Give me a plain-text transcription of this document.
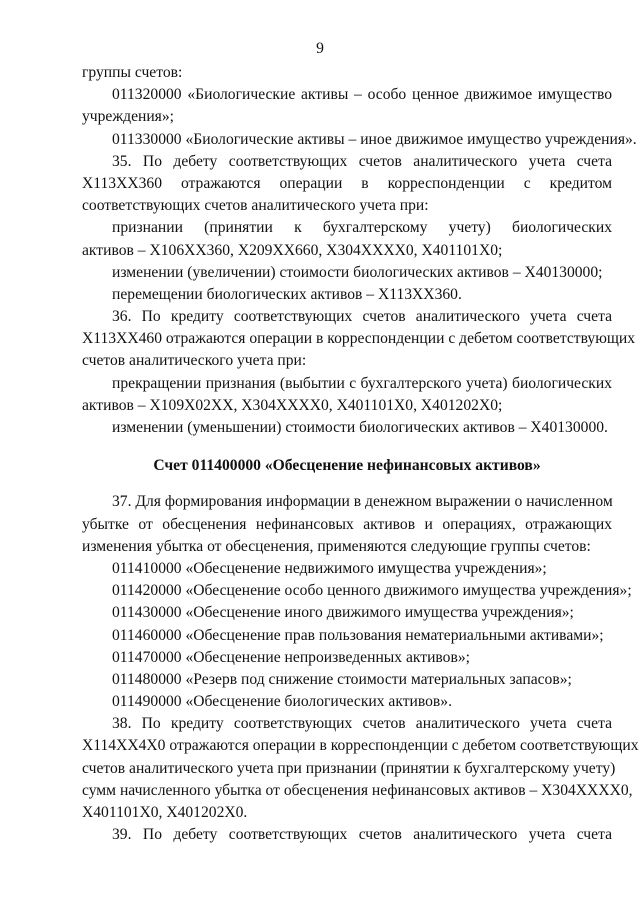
9
группы счетов:
011320000 «Биологические активы – особо ценное движимое имущество
учреждения»;
011330000 «Биологические активы – иное движимое имущество учреждения».
35. По дебету соответствующих счетов аналитического учета счета
Х113ХХ360 отражаются операции в корреспонденции с кредитом
соответствующих счетов аналитического учета при:
признании (принятии к бухгалтерскому учету) биологических
активов – Х106ХХ360, Х209ХХ660, Х304ХХХХ0, Х401101Х0;
изменении (увеличении) стоимости биологических активов – Х40130000;
перемещении биологических активов – Х113ХХ360.
36. По кредиту соответствующих счетов аналитического учета счета
Х113ХХ460 отражаются операции в корреспонденции с дебетом соответствующих
счетов аналитического учета при:
прекращении признания (выбытии с бухгалтерского учета) биологических
активов – Х109Х02ХХ, Х304ХХХХ0, Х401101Х0, Х401202Х0;
изменении (уменьшении) стоимости биологических активов – Х40130000.
Счет 011400000 «Обесценение нефинансовых активов»
37. Для формирования информации в денежном выражении о начисленном
убытке от обесценения нефинансовых активов и операциях, отражающих
изменения убытка от обесценения, применяются следующие группы счетов:
011410000 «Обесценение недвижимого имущества учреждения»;
011420000 «Обесценение особо ценного движимого имущества учреждения»;
011430000 «Обесценение иного движимого имущества учреждения»;
011460000 «Обесценение прав пользования нематериальными активами»;
011470000 «Обесценение непроизведенных активов»;
011480000 «Резерв под снижение стоимости материальных запасов»;
011490000 «Обесценение биологических активов».
38. По кредиту соответствующих счетов аналитического учета счета
Х114ХХ4Х0 отражаются операции в корреспонденции с дебетом соответствующих
счетов аналитического учета при признании (принятии к бухгалтерскому учету)
сумм начисленного убытка от обесценения нефинансовых активов – Х304ХХХХ0,
Х401101Х0, Х401202Х0.
39. По дебету соответствующих счетов аналитического учета счета
